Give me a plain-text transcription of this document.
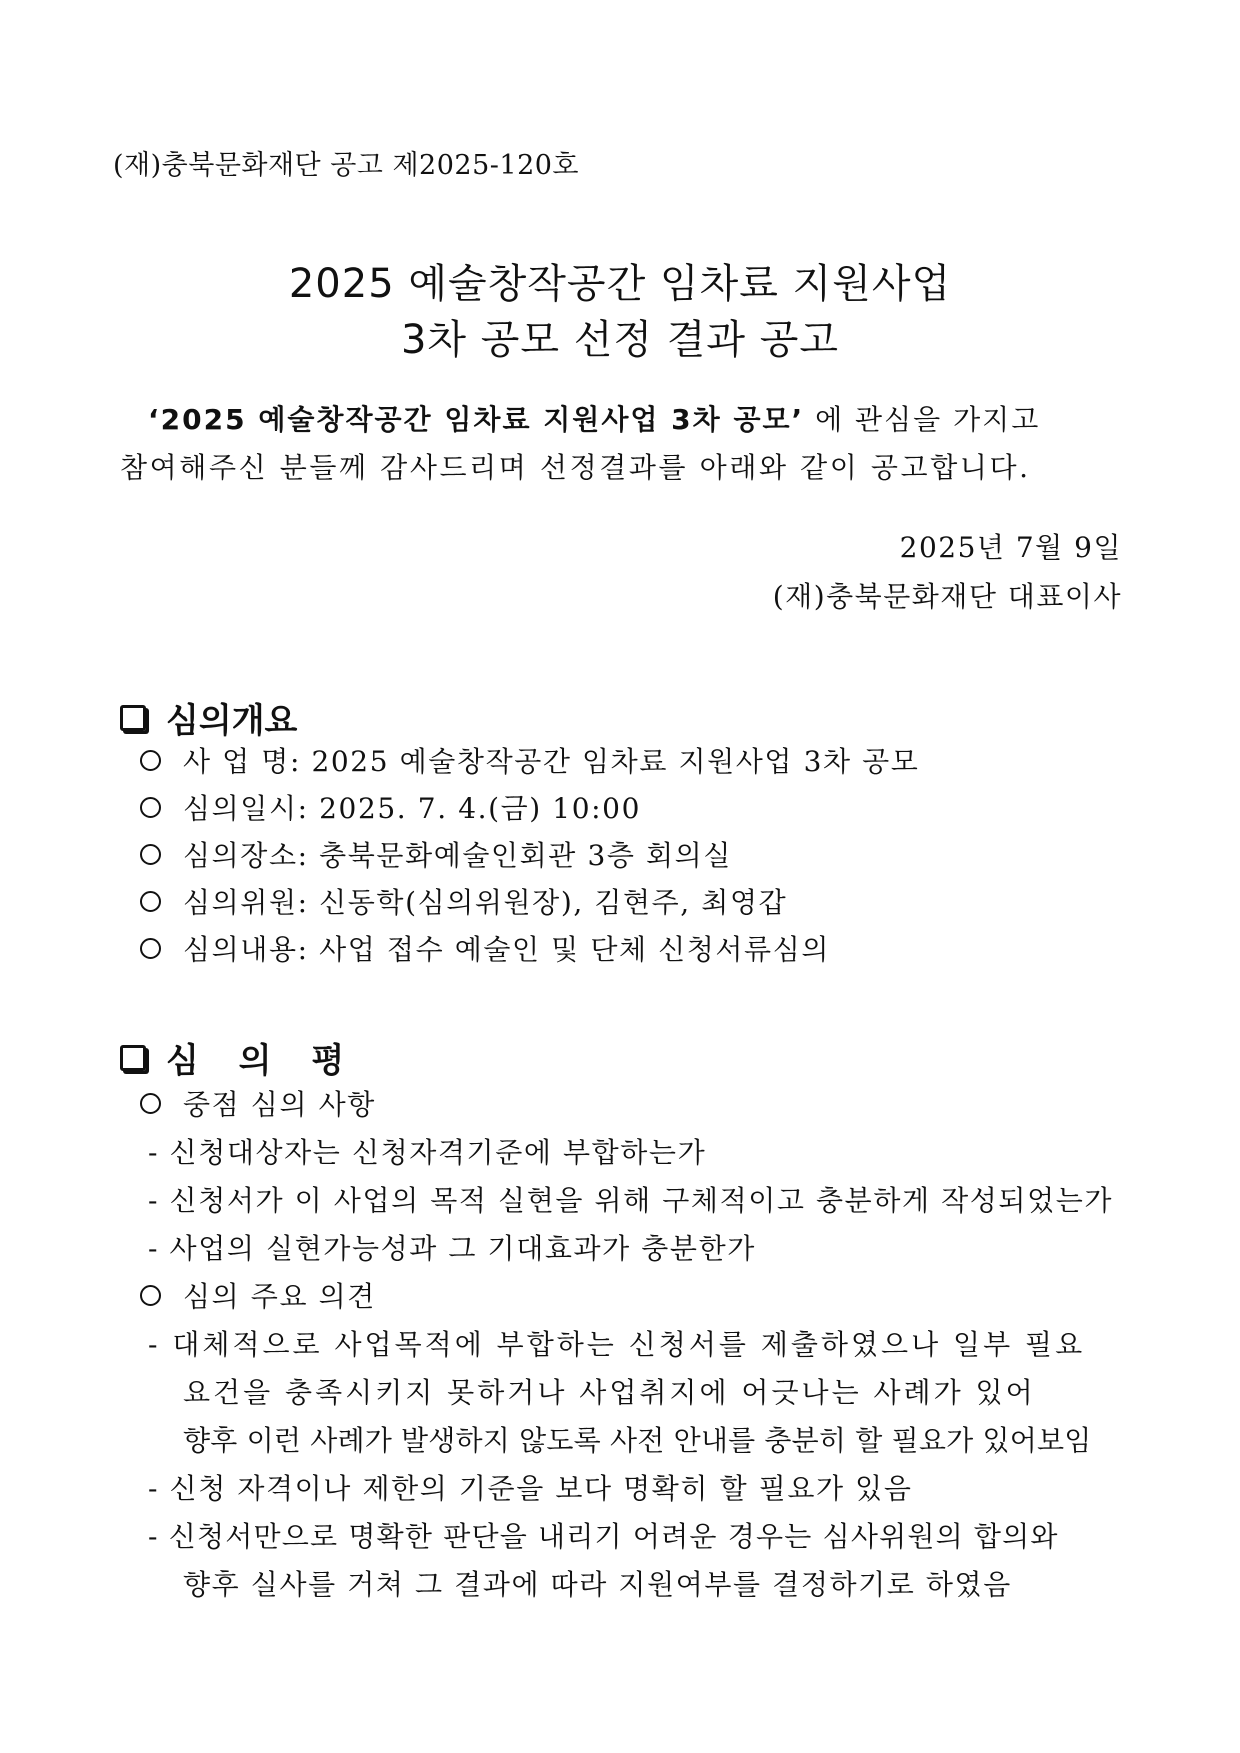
(재)충북문화재단 공고 제2025-120호
2025 예술창작공간 임차료 지원사업
3차 공모 선정 결과 공고
‘2025 예술창작공간 임차료 지원사업 3차 공모’ 에 관심을 가지고
참여해주신 분들께 감사드리며 선정결과를 아래와 같이 공고합니다.
2025년 7월 9일
(재)충북문화재단 대표이사
심의개요
사 업 명: 2025 예술창작공간 임차료 지원사업 3차 공모
심의일시: 2025. 7. 4.(금) 10:00
심의장소: 충북문화예술인회관 3층 회의실
심의위원: 신동학(심의위원장), 김현주, 최영갑
심의내용: 사업 접수 예술인 및 단체 신청서류심의
심 의 평
중점 심의 사항
- 신청대상자는 신청자격기준에 부합하는가
- 신청서가 이 사업의 목적 실현을 위해 구체적이고 충분하게 작성되었는가
- 사업의 실현가능성과 그 기대효과가 충분한가
심의 주요 의견
- 대체적으로 사업목적에 부합하는 신청서를 제출하였으나 일부 필요
요건을 충족시키지 못하거나 사업취지에 어긋나는 사례가 있어
향후 이런 사례가 발생하지 않도록 사전 안내를 충분히 할 필요가 있어보임
- 신청 자격이나 제한의 기준을 보다 명확히 할 필요가 있음
- 신청서만으로 명확한 판단을 내리기 어려운 경우는 심사위원의 합의와
향후 실사를 거쳐 그 결과에 따라 지원여부를 결정하기로 하였음
